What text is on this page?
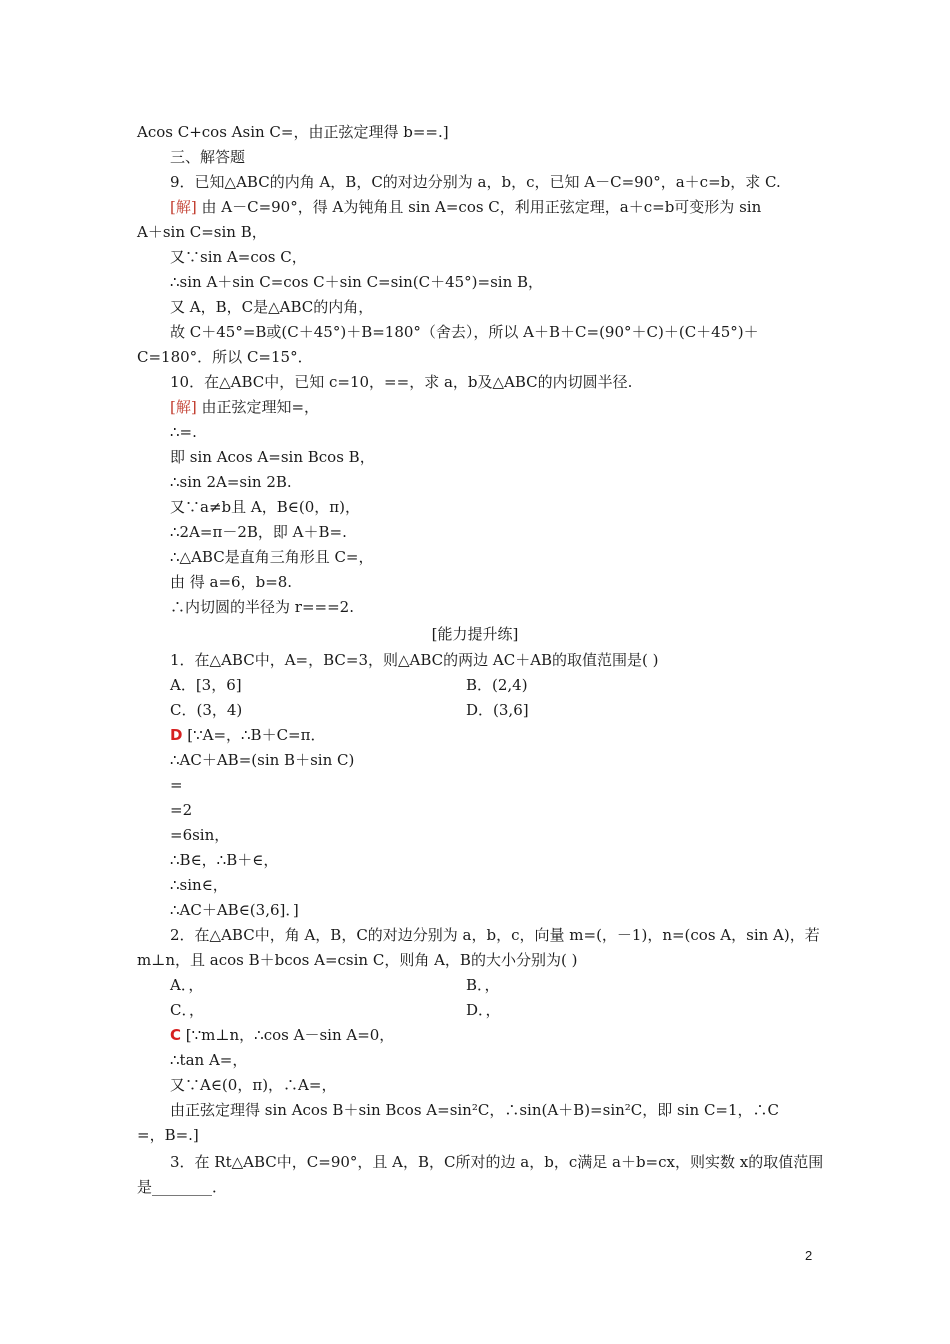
Acos C+cos Asin C=，由正弦定理得 b==.]
三、解答题
9．已知△ABC的内角 A，B，C的对边分别为 a，b，c，已知 A－C=90°，a＋c=b，求 C.
[解] 由 A－C=90°，得 A为钝角且 sin A=cos C，利用正弦定理，a＋c=b可变形为 sin
A＋sin C=sin B，
又∵sin A=cos C，
∴sin A＋sin C=cos C＋sin C=sin(C＋45°)=sin B，
又 A，B，C是△ABC的内角，
故 C＋45°=B或(C＋45°)＋B=180°（舍去），所以 A＋B＋C=(90°＋C)＋(C＋45°)＋
C=180°．所以 C=15°．
10．在△ABC中，已知 c=10，==，求 a，b及△ABC的内切圆半径.
[解] 由正弦定理知=，
∴=.
即 sin Acos A=sin Bcos B，
∴sin 2A=sin 2B.
又∵a≠b且 A，B∈(0，π)，
∴2A=π－2B，即 A＋B=.
∴△ABC是直角三角形且 C=，
由 得 a=6，b=8.
∴内切圆的半径为 r===2.
[能力提升练]
1．在△ABC中，A=，BC=3，则△ABC的两边 AC＋AB的取值范围是( )
A．[3，6]	B．(2,4)
C．(3，4)	D．(3,6]
D [∵A=，∴B＋C=π．
∴AC＋AB=(sin B＋sin C)
=
=2
=6sin，
∴B∈，∴B＋∈，
∴sin∈，
∴AC＋AB∈(3,6]．]
2．在△ABC中，角 A，B，C的对边分别为 a，b，c，向量 m=(，－1)，n=(cos A，sin A)，若
m⊥n，且 acos B＋bcos A=csin C，则角 A，B的大小分别为( )
A．，	B．，
C．，	D．，
C [∵m⊥n，∴cos A－sin A=0，
∴tan A=，
又∵A∈(0，π)，∴A=，
由正弦定理得 sin Acos B＋sin Bcos A=sin²C，∴sin(A＋B)=sin²C，即 sin C=1，∴C
=，B=.]
3．在 Rt△ABC中，C=90°，且 A，B，C所对的边 a，b，c满足 a＋b=cx，则实数 x的取值范围
是________．
2
